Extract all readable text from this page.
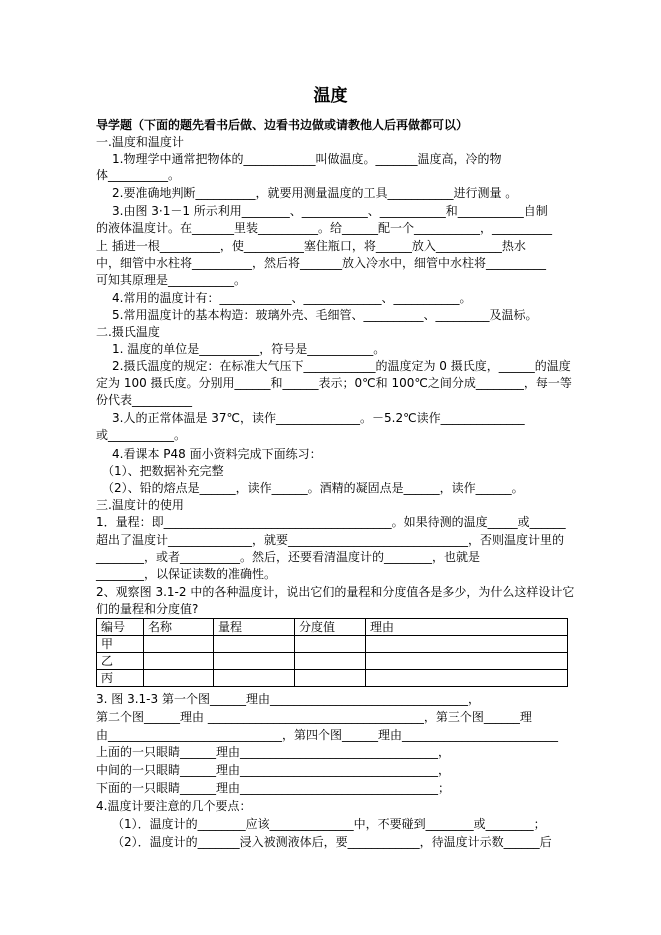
温度
导学题（下面的题先看书后做、边看书边做或请教他人后再做都可以）
一.温度和温度计
1.物理学中通常把物体的____________叫做温度。_______温度高，冷的物
体__________。
2.要准确地判断__________，就要用测量温度的工具___________进行测量 。
3.由图 3·1－1 所示利用________、___________、___________和___________自制
的液体温度计。在_______里装__________。给______配一个___________，__________
上 插进一根__________，使__________塞住瓶口，将______放入___________热水
中，细管中水柱将__________，然后将_______放入冷水中，细管中水柱将__________
可知其原理是___________。
4.常用的温度计有：____________、_____________、___________。
5.常用温度计的基本构造：玻璃外壳、毛细管、__________、_________及温标。
二.摄氏温度
1. 温度的单位是__________，符号是___________。
2.摄氏温度的规定：在标准大气压下____________的温度定为 0 摄氏度，______的温度
定为 100 摄氏度。分别用______和______表示；0℃和 100℃之间分成________，每一等
份代表__________
3.人的正常体温是 37℃，读作______________。－5.2℃读作______________
或___________。
4.看课本 P48 面小资料完成下面练习：
（1）、把数据补充完整
（2）、铅的熔点是______，读作______。酒精的凝固点是______，读作______。
三.温度计的使用
1．量程：即______________________________________。如果待测的温度_____或______
超出了温度计______________，就要______________________________，否则温度计里的
________，或者__________。然后，还要看清温度计的________，也就是
________，以保证读数的准确性。
2、观察图 3.1-2 中的各种温度计，说出它们的量程和分度值各是多少，为什么这样设计它
们的量程和分度值?
编号	名称	量程	分度值	理由
甲				
乙				
丙				
3. 图 3.1-3 第一个图______理由_________________________________，
第二个图______理由 ____________________________________，第三个图______理
由_____________________________，第四个图______理由__________________________
上面的一只眼睛______理由_________________________________，
中间的一只眼睛______理由_________________________________，
下面的一只眼睛______理由_________________________________；
4.温度计要注意的几个要点：
（1）．温度计的________应该______________中，不要碰到________或________；
（2）．温度计的_______浸入被测液体后，要____________，待温度计示数______后
